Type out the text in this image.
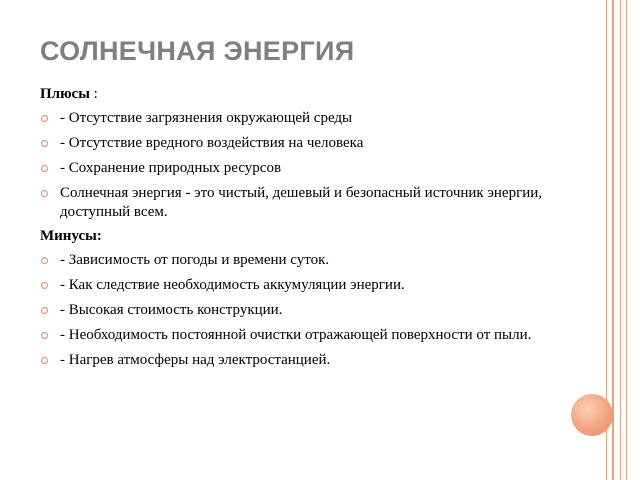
СОЛНЕЧНАЯ ЭНЕРГИЯ
Плюсы :
- Отсутствие загрязнения окружающей среды
- Отсутствие вредного воздействия на человека
- Сохранение природных ресурсов
Солнечная энергия - это чистый, дешевый и безопасный источник энергии, доступный всем.
Минусы:
- Зависимость от погоды и времени суток.
- Как следствие необходимость аккумуляции энергии.
- Высокая стоимость конструкции.
- Необходимость постоянной очистки отражающей поверхности от пыли.
- Нагрев атмосферы над электростанцией.
